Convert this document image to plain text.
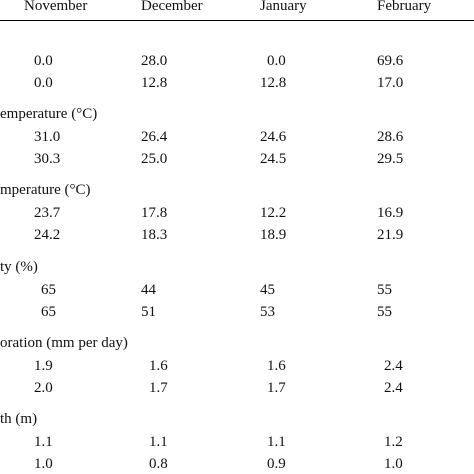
November	December	January	February
0.0	28.0	0.0	69.6
0.0	12.8	12.8	17.0
emperature (°C)
31.0	26.4	24.6	28.6
30.3	25.0	24.5	29.5
mperature (°C)
23.7	17.8	12.2	16.9
24.2	18.3	18.9	21.9
ty (%)
65	44	45	55
65	51	53	55
oration (mm per day)
1.9	1.6	1.6	2.4
2.0	1.7	1.7	2.4
th (m)
1.1	1.1	1.1	1.2
1.0	0.8	0.9	1.0
